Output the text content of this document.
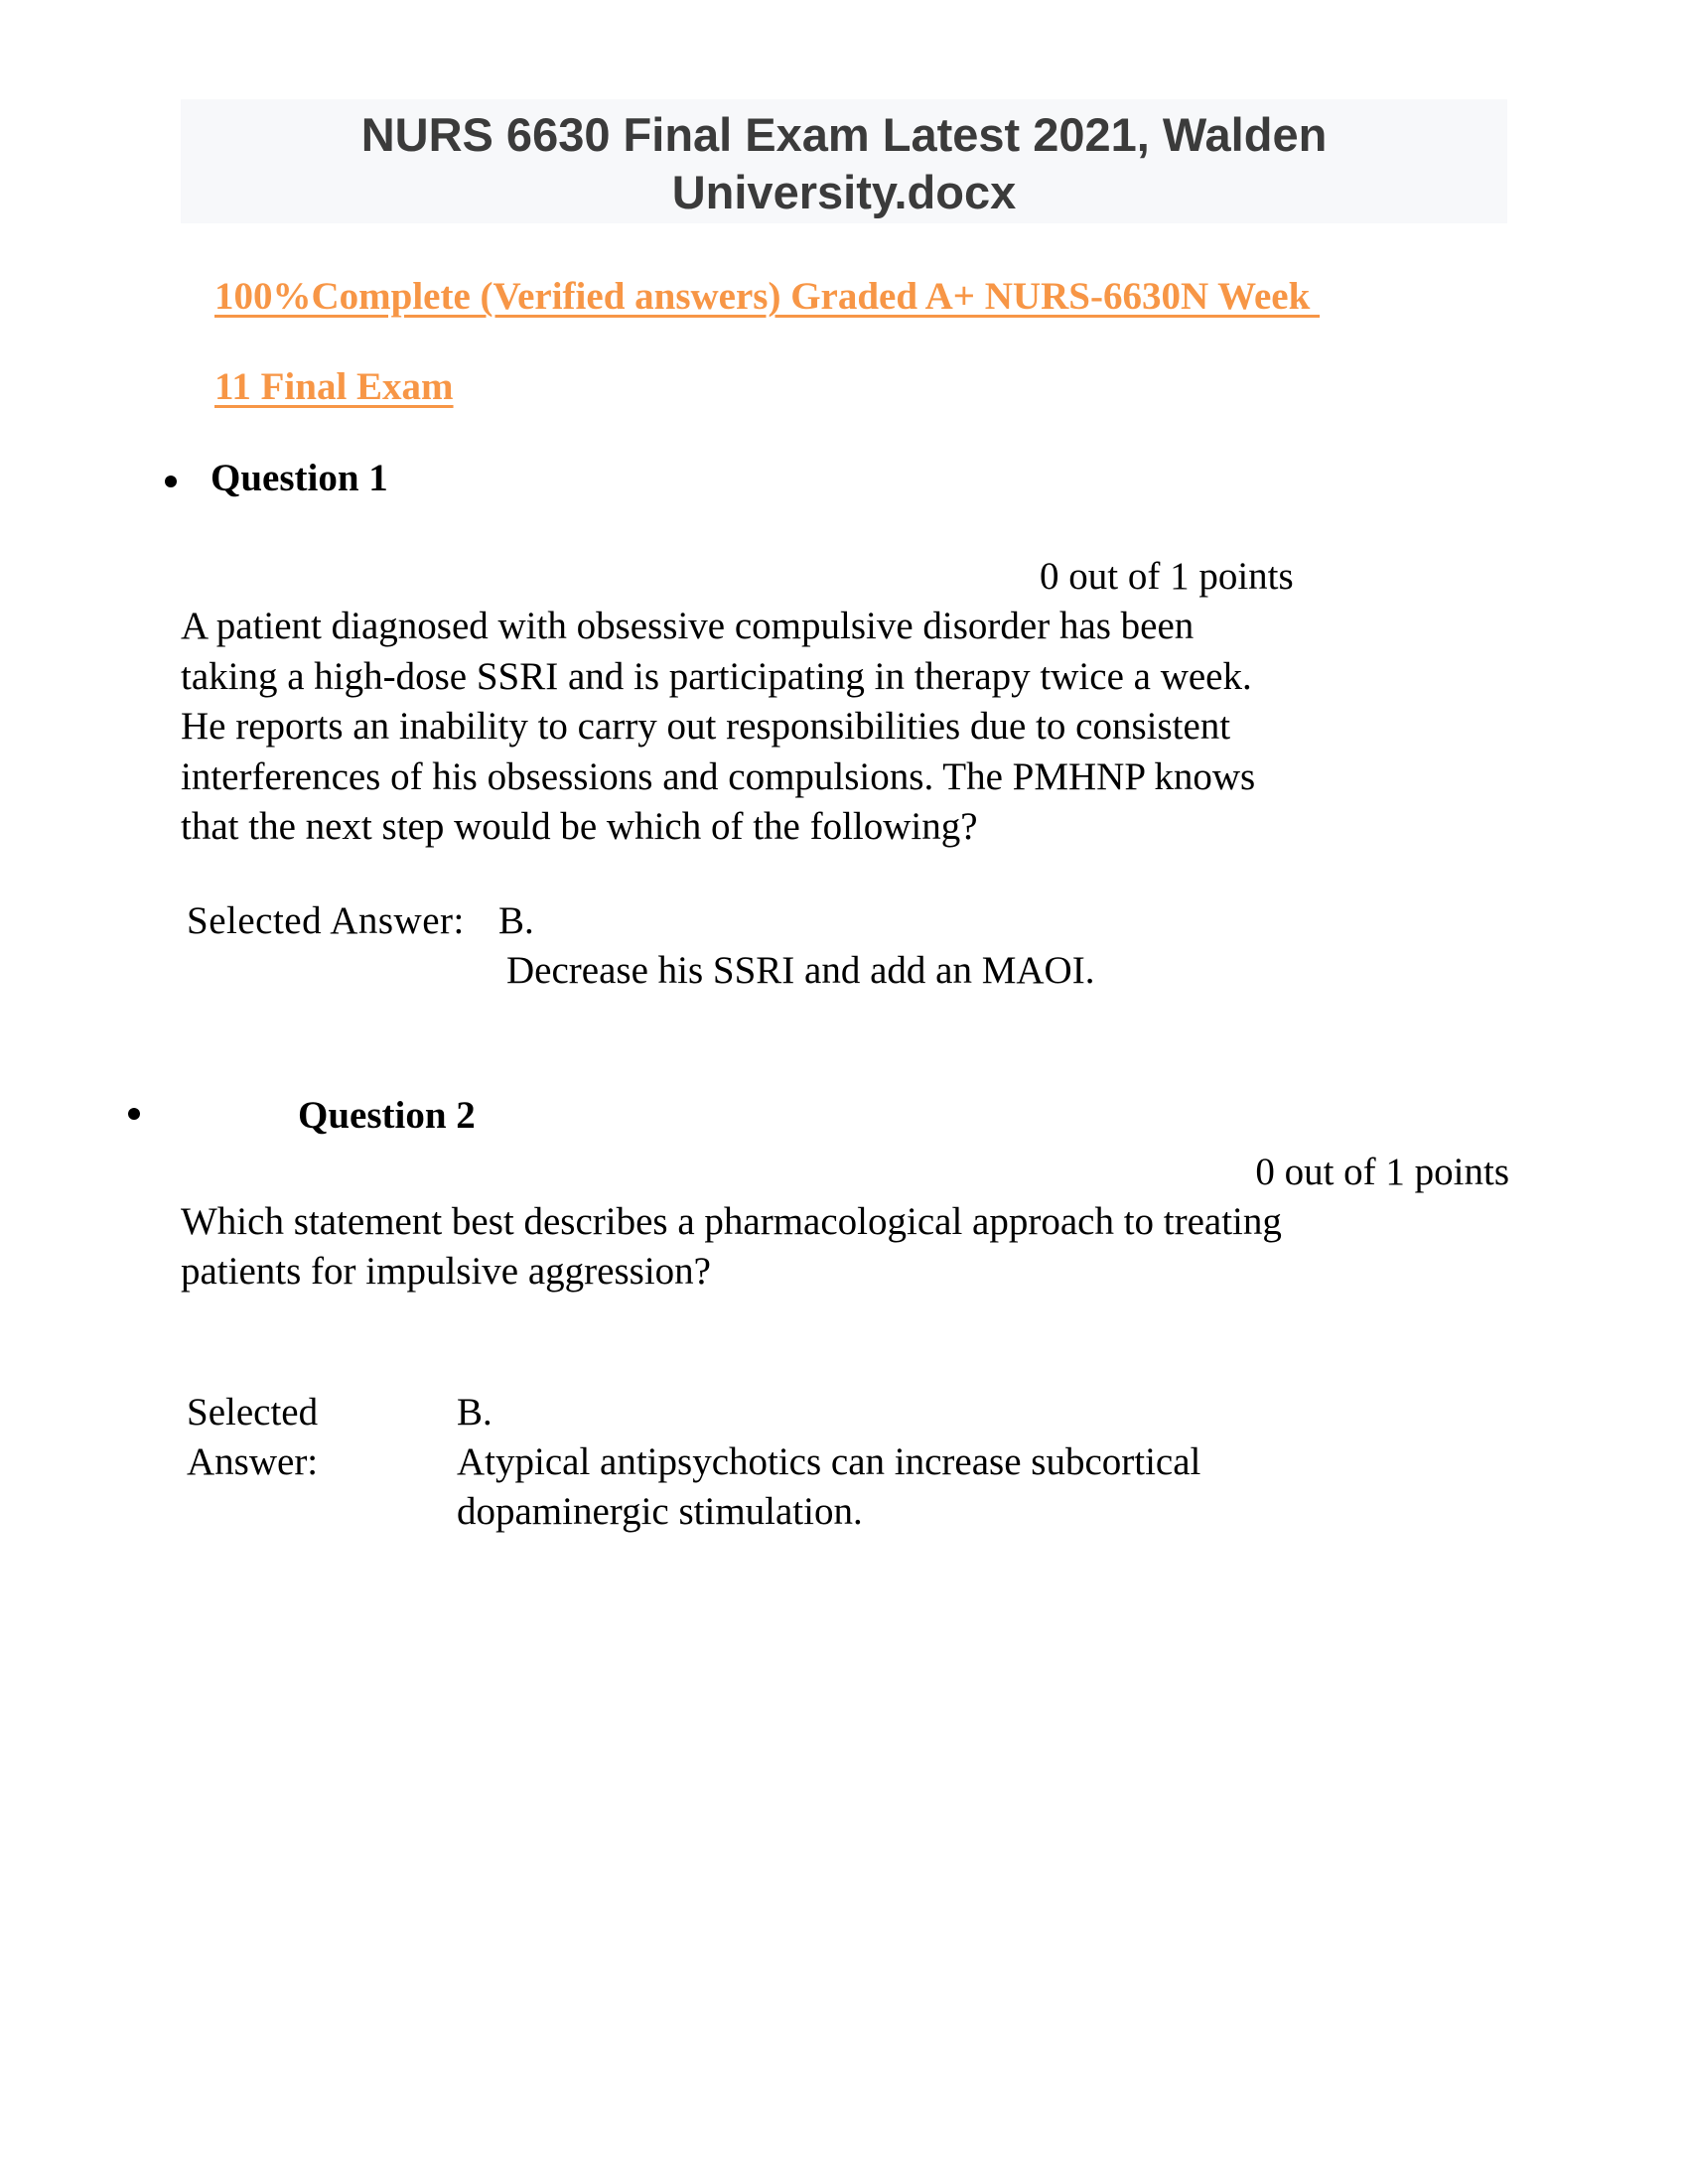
NURS 6630 Final Exam Latest 2021, Walden
University.docx
100%Complete (Verified answers) Graded A+ NURS-6630N Week
11 Final Exam
Question 1
0 out of 1 points
A patient diagnosed with obsessive compulsive disorder has been
taking a high-dose SSRI and is participating in therapy twice a week.
He reports an inability to carry out responsibilities due to consistent
interferences of his obsessions and compulsions. The PMHNP knows
that the next step would be which of the following?
Selected Answer: B.
Decrease his SSRI and add an MAOI.
Question 2
0 out of 1 points
Which statement best describes a pharmacological approach to treating
patients for impulsive aggression?
Selected
Answer:
B.
Atypical antipsychotics can increase subcortical
dopaminergic stimulation.
